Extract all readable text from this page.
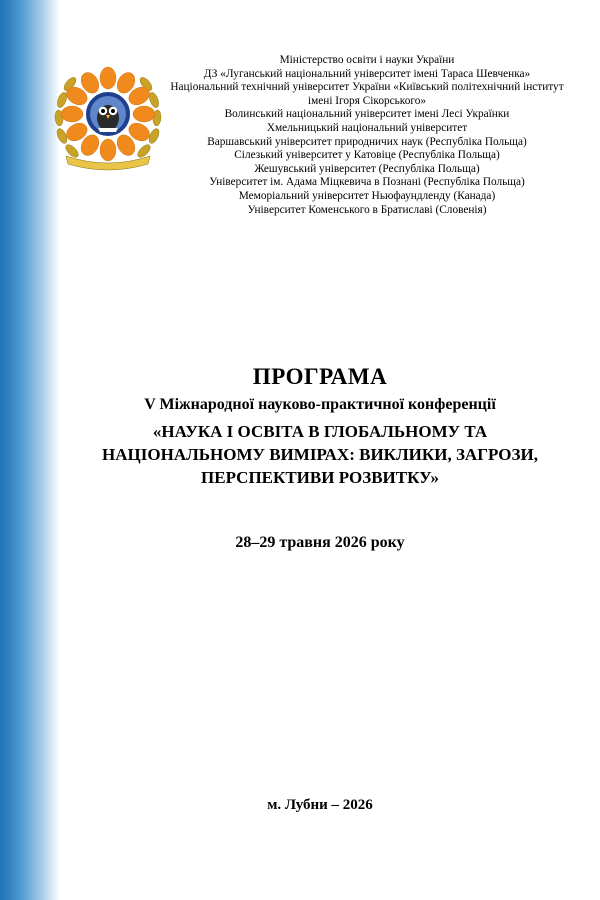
Міністерство освіти і науки України
ДЗ «Луганський національний університет імені Тараса Шевченка»
Національний технічний університет України «Київський політехнічний інститут імені Ігоря Сікорського»
Волинський національний університет імені Лесі Українки
Хмельницький національний університет
Варшавський університет природничих наук (Республіка Польща)
Сілезький університет у Катовіце (Республіка Польща)
Жешувський університет (Республіка Польща)
Університет ім. Адама Міцкевича в Познані (Республіка Польща)
Меморіальний університет Ньюфаундленду (Канада)
Університет Коменського в Братиславі (Словенія)
ПРОГРАМА
V Міжнародної науково-практичної конференції
«НАУКА І ОСВІТА В ГЛОБАЛЬНОМУ ТА НАЦІОНАЛЬНОМУ ВИМІРАХ: ВИКЛИКИ, ЗАГРОЗИ, ПЕРСПЕКТИВИ РОЗВИТКУ»
28–29 травня 2026 року
м. Лубни – 2026
